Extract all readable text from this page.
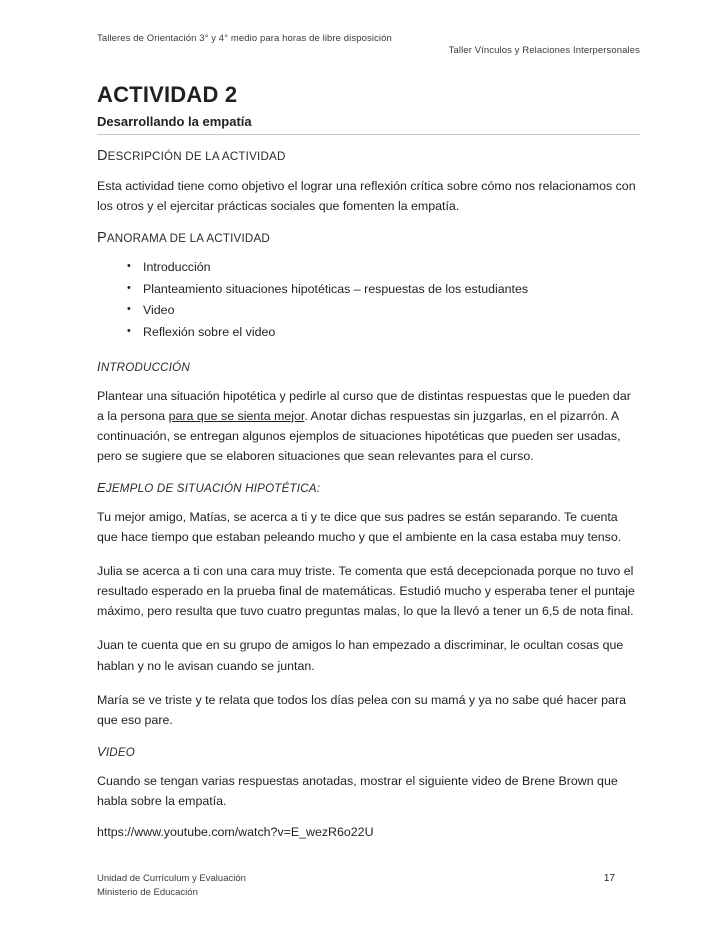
Talleres de Orientación 3° y 4° medio para horas de libre disposición
Taller Vínculos y Relaciones Interpersonales
ACTIVIDAD 2
Desarrollando la empatía

DESCRIPCIÓN DE LA ACTIVIDAD

Esta actividad tiene como objetivo el lograr una reflexión crítica sobre cómo nos relacionamos con los otros y el ejercitar prácticas sociales que fomenten la empatía.

PANORAMA DE LA ACTIVIDAD

• Introducción
• Planteamiento situaciones hipotéticas – respuestas de los estudiantes
• Video
• Reflexión sobre el video

INTRODUCCIÓN

Plantear una situación hipotética y pedirle al curso que de distintas respuestas que le pueden dar a la persona para que se sienta mejor. Anotar dichas respuestas sin juzgarlas, en el pizarrón. A continuación, se entregan algunos ejemplos de situaciones hipotéticas que pueden ser usadas, pero se sugiere que se elaboren situaciones que sean relevantes para el curso.

EJEMPLO DE SITUACIÓN HIPOTÉTICA:

Tu mejor amigo, Matías, se acerca a ti y te dice que sus padres se están separando. Te cuenta que hace tiempo que estaban peleando mucho y que el ambiente en la casa estaba muy tenso.

Julia se acerca a ti con una cara muy triste. Te comenta que está decepcionada porque no tuvo el resultado esperado en la prueba final de matemáticas. Estudió mucho y esperaba tener el puntaje máximo, pero resulta que tuvo cuatro preguntas malas, lo que la llevó a tener un 6,5 de nota final.

Juan te cuenta que en su grupo de amigos lo han empezado a discriminar, le ocultan cosas que hablan y no le avisan cuando se juntan.

María se ve triste y te relata que todos los días pelea con su mamá y ya no sabe qué hacer para que eso pare.

VIDEO

Cuando se tengan varias respuestas anotadas, mostrar el siguiente video de Brene Brown que habla sobre la empatía.

https://www.youtube.com/watch?v=E_wezR6o22U

Unidad de Currículum y Evaluación
Ministerio de Educación
17
